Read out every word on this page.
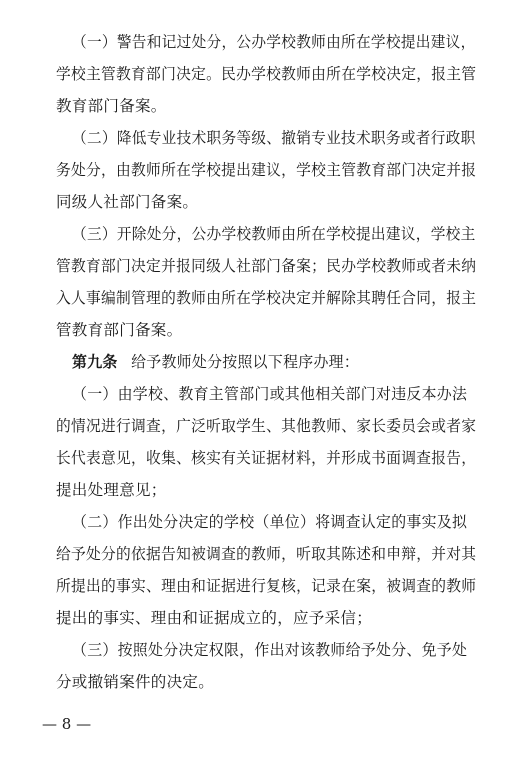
（一）警告和记过处分，公办学校教师由所在学校提出建议，
学校主管教育部门决定。民办学校教师由所在学校决定，报主管
教育部门备案。
（二）降低专业技术职务等级、撤销专业技术职务或者行政职
务处分，由教师所在学校提出建议，学校主管教育部门决定并报
同级人社部门备案。
（三）开除处分，公办学校教师由所在学校提出建议，学校主
管教育部门决定并报同级人社部门备案；民办学校教师或者未纳
入人事编制管理的教师由所在学校决定并解除其聘任合同，报主
管教育部门备案。
第九条 给予教师处分按照以下程序办理：
（一）由学校、教育主管部门或其他相关部门对违反本办法
的情况进行调查，广泛听取学生、其他教师、家长委员会或者家
长代表意见，收集、核实有关证据材料，并形成书面调查报告，
提出处理意见；
（二）作出处分决定的学校（单位）将调查认定的事实及拟
给予处分的依据告知被调查的教师，听取其陈述和申辩，并对其
所提出的事实、理由和证据进行复核，记录在案，被调查的教师
提出的事实、理由和证据成立的，应予采信；
（三）按照处分决定权限，作出对该教师给予处分、免予处
分或撤销案件的决定。
— 8 —
